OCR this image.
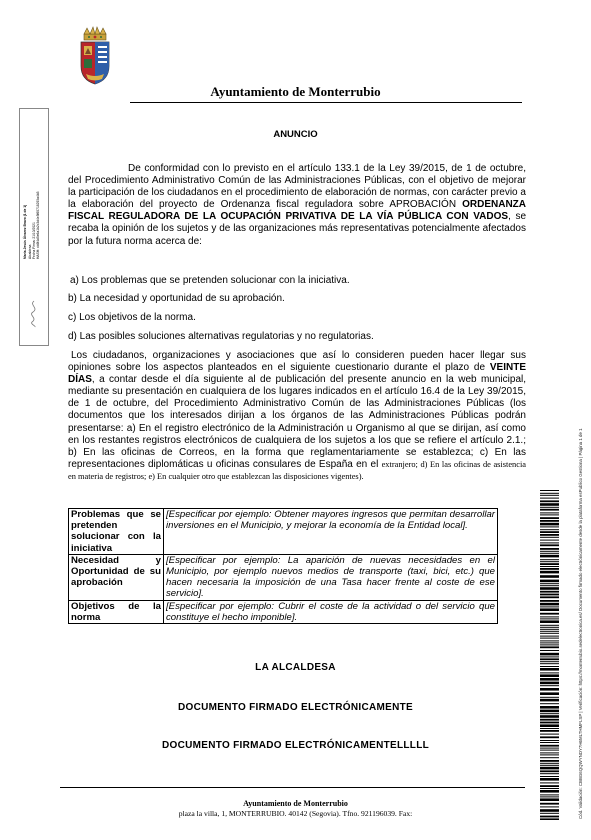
Ayuntamiento de Monterrubio
ANUNCIO
De conformidad con lo previsto en el artículo 133.1 de la Ley 39/2015, de 1 de octubre, del Procedimiento Administrativo Común de las Administraciones Públicas, con el objetivo de mejorar la participación de los ciudadanos en el procedimiento de elaboración de normas, con carácter previo a la elaboración del proyecto de Ordenanza fiscal reguladora sobre APROBACIÓN ORDENANZA FISCAL REGULADORA DE LA OCUPACIÓN PRIVATIVA DE LA VÍA PÚBLICA CON VADOS, se recaba la opinión de los sujetos y de las organizaciones más representativas potencialmente afectados por la futura norma acerca de:
a) Los problemas que se pretenden solucionar con la iniciativa.
b) La necesidad y oportunidad de su aprobación.
c) Los objetivos de la norma.
d) Las posibles soluciones alternativas regulatorias y no regulatorias.
Los ciudadanos, organizaciones y asociaciones que así lo consideren pueden hacer llegar sus opiniones sobre los aspectos planteados en el siguiente cuestionario durante el plazo de VEINTE DÍAS, a contar desde el día siguiente al de publicación del presente anuncio en la web municipal, mediante su presentación en cualquiera de los lugares indicados en el artículo 16.4 de la Ley 39/2015, de 1 de octubre, del Procedimiento Administrativo Común de las Administraciones Públicas (los documentos que los interesados dirijan a los órganos de las Administraciones Públicas podrán presentarse: a) En el registro electrónico de la Administración u Organismo al que se dirijan, así como en los restantes registros electrónicos de cualquiera de los sujetos a los que se refiere el artículo 2.1.; b) En las oficinas de Correos, en la forma que reglamentariamente se establezca; c) En las representaciones diplomáticas u oficinas consulares de España en el extranjero; d) En las oficinas de asistencia en materia de registros; e) En cualquier otro que establezcan las disposiciones vigentes).
Problemas que se pretenden solucionar con la iniciativa	[Especificar por ejemplo: Obtener mayores ingresos que permitan desarrollar inversiones en el Municipio, y mejorar la economía de la Entidad local].
Necesidad y Oportunidad de su aprobación	[Especificar por ejemplo: La aparición de nuevas necesidades en el Municipio, por ejemplo nuevos medios de transporte (taxi, bici, etc.) que hacen necesaria la imposición de una Tasa hacer frente al coste de ese servicio].
Objetivos de la norma	[Especificar por ejemplo: Cubrir el coste de la actividad o del servicio que constituye el hecho imponible].
LA ALCALDESA
DOCUMENTO FIRMADO ELECTRÓNICAMENTE
DOCUMENTO FIRMADO ELECTRÓNICAMENTELLLLL
Ayuntamiento de Monterrubio
plaza la villa, 1, MONTERRUBIO. 40142 (Segovia). Tfno. 921196039. Fax:
María Jesús Álvarez Bravo (1 de 1) Alcaldesa Fecha Firma: 21/10/2021 HASH: cb9f4d5e6a1b2c3d4e5f60718293a4b5
Cód. Validación: CBBG6QQWYNDY7H6MLTHMFLSP | Verificación: https://monterrubio.sedelectronica.es/ Documento firmado electrónicamente desde la plataforma esPublico Gestiona | Página 1 de 1
